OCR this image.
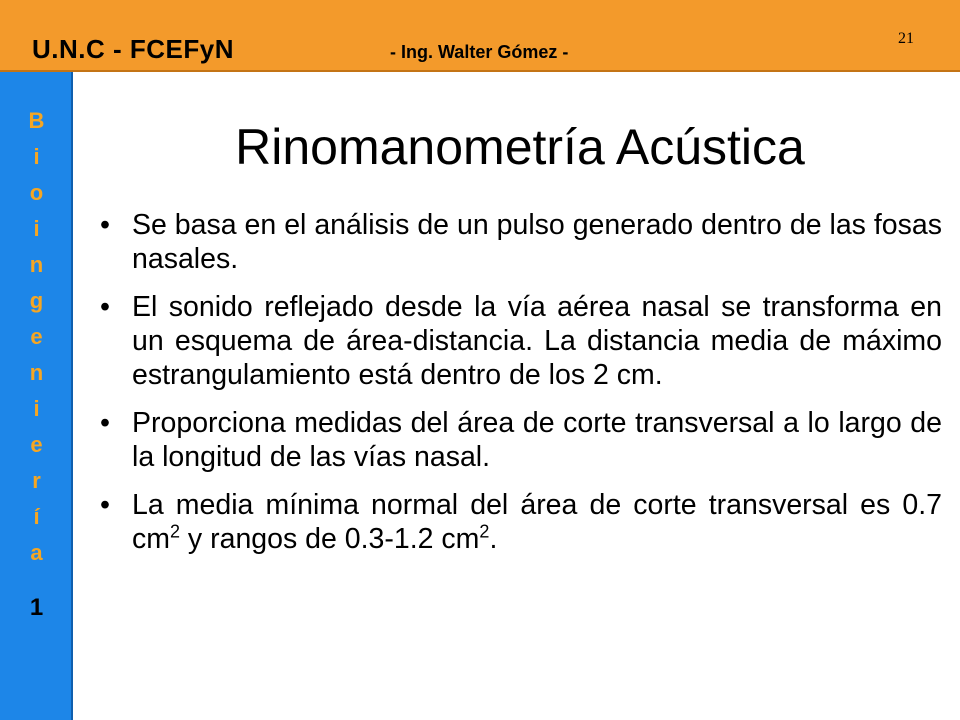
U.N.C - FCEFyN	- Ing. Walter Gómez -
21
B
i
o
i
n
g
e
n
i
e
r
í
a
1
Rinomanometría Acústica
• Se basa en el análisis de un pulso generado dentro de las fosas nasales.
• El sonido reflejado desde la vía aérea nasal se transforma en un esquema de área-distancia. La distancia media de máximo estrangulamiento está dentro de los 2 cm.
• Proporciona medidas del área de corte transversal a lo largo de la longitud de las vías nasal.
• La media mínima normal del área de corte transversal es 0.7 $cm^2$ y rangos de 0.3-1.2 $cm^2$.
